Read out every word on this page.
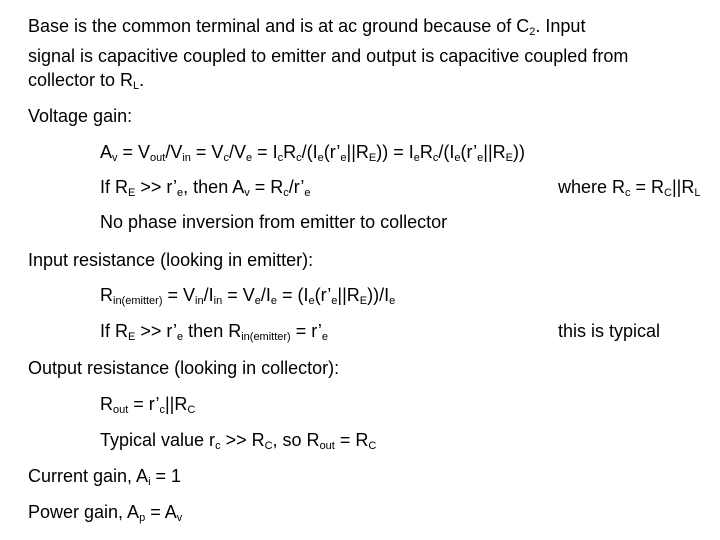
Base is the common terminal and is at ac ground because of $C_2$. Input
signal is capacitive coupled to emitter and output is capacitive coupled from
collector to $R_L$.
Voltage gain:
$A_v = V_{out}/V_{in} = V_c/V_e$ = $I_cR_c/(I_e(r’_e||R_E))$ = $I_eR_c/(I_e(r’_e||R_E))$
If $R_E$ >> $r’_e$, then $A_v$ = $R_c/r’_e$	where $R_c = R_C||R_L$
No phase inversion from emitter to collector
Input resistance (looking in emitter):
$R_{in(emitter)} = V_{in}/I_{in} = V_e/I_e$ = $(I_e(r’_e||R_E))/I_e$
If $R_E$ >> $r’_e$ then $R_{in(emitter)}$ = $r’_e$	this is typical
Output resistance (looking in collector):
$R_{out}$ = $r’_c||R_C$
Typical value $r_c >> R_C$, so $R_{out} = R_C$
Current gain, $A_i = 1$
Power gain, $A_p = A_v$
